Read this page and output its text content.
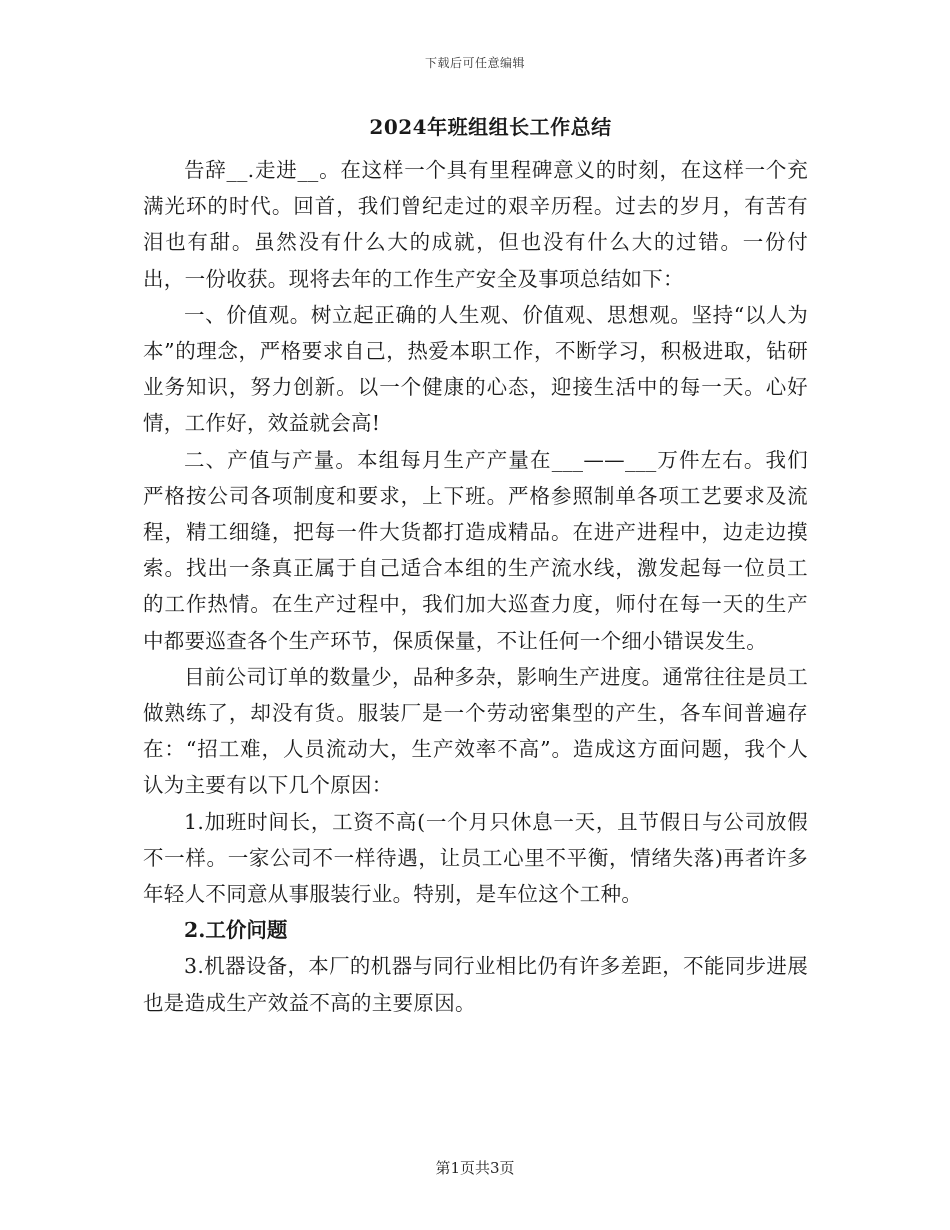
下载后可任意编辑
2024年班组组长工作总结

告辞__.走进__。在这样一个具有里程碑意义的时刻，在这样一个充满光环的时代。回首，我们曾纪走过的艰辛历程。过去的岁月，有苦有泪也有甜。虽然没有什么大的成就，但也没有什么大的过错。一份付出，一份收获。现将去年的工作生产安全及事项总结如下：

一、价值观。树立起正确的人生观、价值观、思想观。坚持“以人为本”的理念，严格要求自己，热爱本职工作，不断学习，积极进取，钻研业务知识，努力创新。以一个健康的心态，迎接生活中的每一天。心好情，工作好，效益就会高!

二、产值与产量。本组每月生产产量在___——___万件左右。我们严格按公司各项制度和要求，上下班。严格参照制单各项工艺要求及流程，精工细缝，把每一件大货都打造成精品。在进产进程中，边走边摸索。找出一条真正属于自己适合本组的生产流水线，激发起每一位员工的工作热情。在生产过程中，我们加大巡查力度，师付在每一天的生产中都要巡查各个生产环节，保质保量，不让任何一个细小错误发生。

目前公司订单的数量少，品种多杂，影响生产进度。通常往往是员工做熟练了，却没有货。服装厂是一个劳动密集型的产生，各车间普遍存在：“招工难，人员流动大，生产效率不高”。造成这方面问题，我个人认为主要有以下几个原因：

1.加班时间长，工资不高(一个月只休息一天，且节假日与公司放假不一样。一家公司不一样待遇，让员工心里不平衡，情绪失落)再者许多年轻人不同意从事服装行业。特别，是车位这个工种。

2.工价问题

3.机器设备，本厂的机器与同行业相比仍有许多差距，不能同步进展也是造成生产效益不高的主要原因。

第1页共3页
